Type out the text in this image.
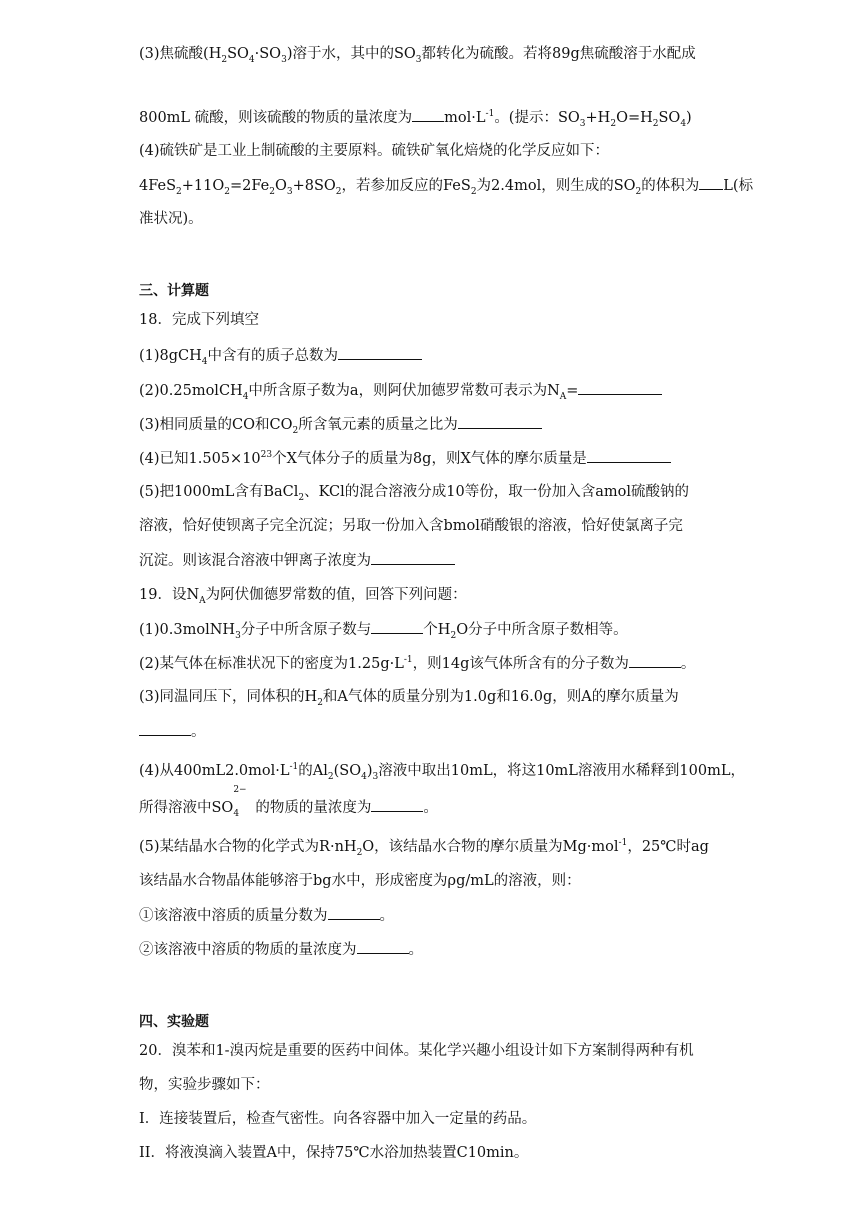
(3)焦硫酸$(H_2SO_4\cdot SO_3)$溶于水，其中的$SO_3$都转化为硫酸。若将89g焦硫酸溶于水配成
800mL 硫酸，则该硫酸的物质的量浓度为 $mol\cdot L^{-1}$。(提示：$SO_3+H_2O=H_2SO_4$)
(4)硫铁矿是工业上制硫酸的主要原料。硫铁矿氧化焙烧的化学反应如下：
$4FeS_2+11O_2=2Fe_2O_3+8SO_2$，若参加反应的FeS$_2$为2.4mol，则生成的$SO_2$的体积为 L(标
准状况)。
三、计算题
18．完成下列填空
(1)8gCH$_4$中含有的质子总数为
(2)0.25molCH$_4$中所含原子数为a，则阿伏加德罗常数可表示为$N_A=$
(3)相同质量的CO和$CO_2$所含氧元素的质量之比为
(4)已知$1.505\times 10^{23}$个X气体分子的质量为8g，则X气体的摩尔质量是
(5)把1000mL含有BaCl$_2$、KCl的混合溶液分成10等份，取一份加入含amol硫酸钠的
溶液，恰好使钡离子完全沉淀；另取一份加入含bmol硝酸银的溶液，恰好使氯离子完
沉淀。则该混合溶液中钾离子浓度为
19．设$N_A$为阿伏伽德罗常数的值，回答下列问题：
(1)0.3molNH$_3$分子中所含原子数与	个$H_2O$分子中所含原子数相等。
(2)某气体在标准状况下的密度为$1.25g\cdot L^{-1}$，则14g该气体所含有的分子数为	。
(3)同温同压下，同体积的$H_2$和A气体的质量分别为1.0g和16.0g，则A的摩尔质量为
。
(4)从$400mL2.0mol\cdot L^{-1}$的$Al_2(SO_4)_3$溶液中取出10mL，将这10mL溶液用水稀释到100mL，
所得溶液中SO
2−
$_4$ 的物质的量浓度为	。
(5)某结晶水合物的化学式为$R\cdot nH_2O$，该结晶水合物的摩尔质量为Mg·mol$^{-1}$，25℃时ag
该结晶水合物晶体能够溶于bg水中，形成密度为ρg/mL的溶液，则：
①该溶液中溶质的质量分数为	。
②该溶液中溶质的物质的量浓度为	。
四、实验题
20．溴苯和1-溴丙烷是重要的医药中间体。某化学兴趣小组设计如下方案制得两种有机
物，实验步骤如下：
I．连接装置后，检查气密性。向各容器中加入一定量的药品。
II．将液溴滴入装置A中，保持75℃水浴加热装置C10min。
